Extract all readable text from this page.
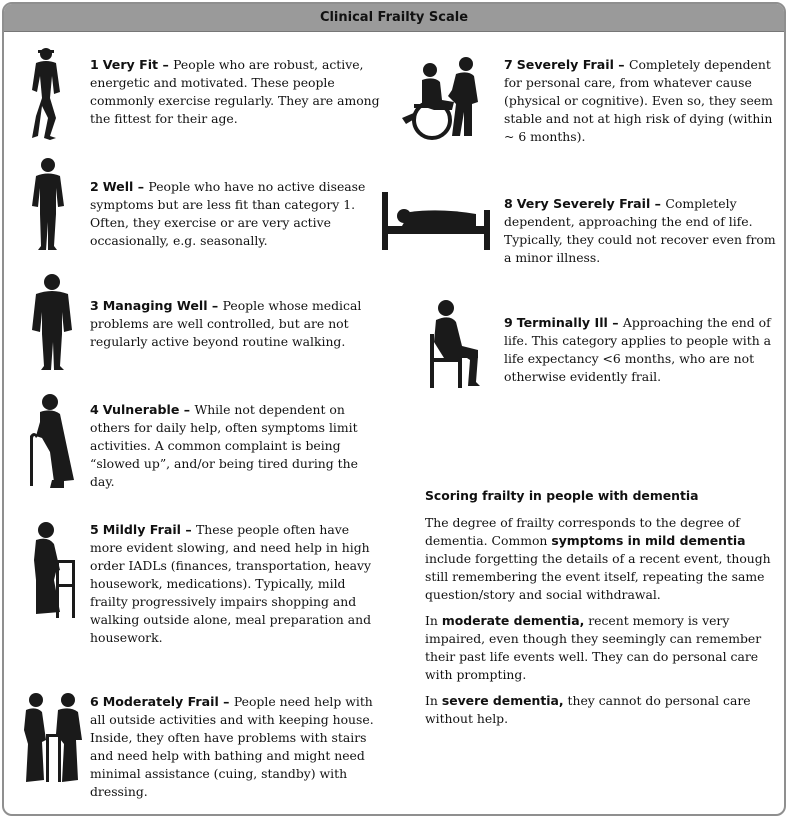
Clinical Frailty Scale
1 Very Fit – People who are robust, active, energetic and motivated. These people commonly exercise regularly. They are among the fittest for their age.
2 Well – People who have no active disease symptoms but are less fit than category 1. Often, they exercise or are very active occasionally, e.g. seasonally.
3 Managing Well – People whose medical problems are well controlled, but are not regularly active beyond routine walking.
4 Vulnerable – While not dependent on others for daily help, often symptoms limit activities. A common complaint is being “slowed up”, and/or being tired during the day.
5 Mildly Frail – These people often have more evident slowing, and need help in high order IADLs (finances, transportation, heavy housework, medications). Typically, mild frailty progressively impairs shopping and walking outside alone, meal preparation and housework.
6 Moderately Frail – People need help with all outside activities and with keeping house. Inside, they often have problems with stairs and need help with bathing and might need minimal assistance (cuing, standby) with dressing.
7 Severely Frail – Completely dependent for personal care, from whatever cause (physical or cognitive). Even so, they seem stable and not at high risk of dying (within ~ 6 months).
8 Very Severely Frail – Completely dependent, approaching the end of life. Typically, they could not recover even from a minor illness.
9 Terminally Ill – Approaching the end of life. This category applies to people with a life expectancy <6 months, who are not otherwise evidently frail.
Scoring frailty in people with dementia
The degree of frailty corresponds to the degree of dementia. Common symptoms in mild dementia include forgetting the details of a recent event, though still remembering the event itself, repeating the same question/story and social withdrawal.
In moderate dementia, recent memory is very impaired, even though they seemingly can remember their past life events well. They can do personal care with prompting.
In severe dementia, they cannot do personal care without help.
